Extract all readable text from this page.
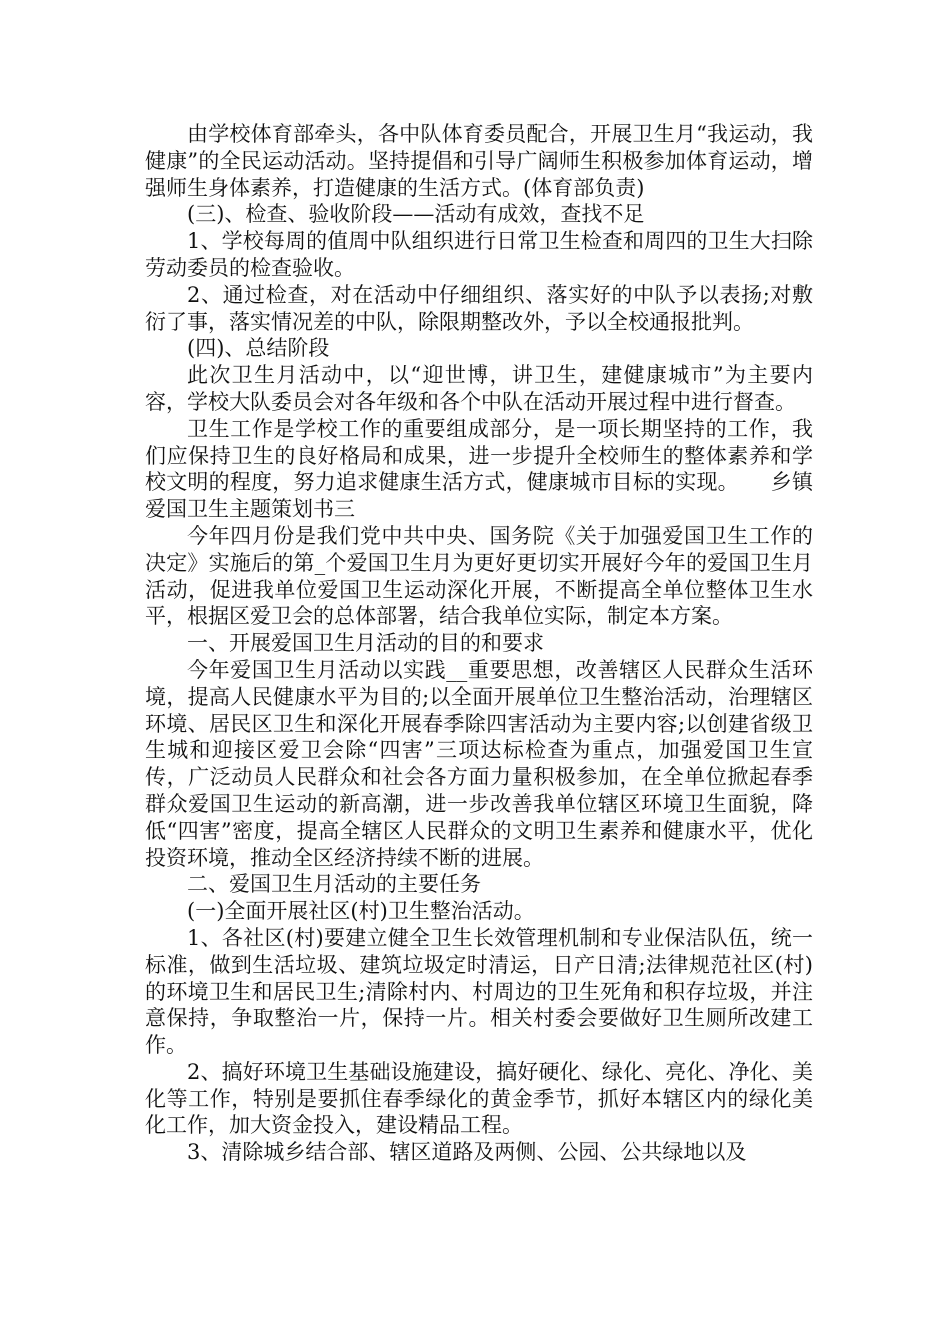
由学校体育部牵头，各中队体育委员配合，开展卫生月“我运动，我健康”的全民运动活动。坚持提倡和引导广阔师生积极参加体育运动，增强师生身体素养，打造健康的生活方式。(体育部负责)

(三)、检查、验收阶段——活动有成效，查找不足

1、学校每周的值周中队组织进行日常卫生检查和周四的卫生大扫除劳动委员的检查验收。

2、通过检查，对在活动中仔细组织、落实好的中队予以表扬;对敷衍了事，落实情况差的中队，除限期整改外，予以全校通报批判。

(四)、总结阶段

此次卫生月活动中，以“迎世博，讲卫生，建健康城市”为主要内容，学校大队委员会对各年级和各个中队在活动开展过程中进行督查。

卫生工作是学校工作的重要组成部分，是一项长期坚持的工作，我们应保持卫生的良好格局和成果，进一步提升全校师生的整体素养和学校文明的程度，努力追求健康生活方式，健康城市目标的实现。　　乡镇爱国卫生主题策划书三

今年四月份是我们党中共中央、国务院《关于加强爱国卫生工作的决定》实施后的第_个爱国卫生月为更好更切实开展好今年的爱国卫生月活动，促进我单位爱国卫生运动深化开展，不断提高全单位整体卫生水平，根据区爱卫会的总体部署，结合我单位实际，制定本方案。

一、开展爱国卫生月活动的目的和要求

今年爱国卫生月活动以实践__重要思想，改善辖区人民群众生活环境，提高人民健康水平为目的;以全面开展单位卫生整治活动，治理辖区环境、居民区卫生和深化开展春季除四害活动为主要内容;以创建省级卫生城和迎接区爱卫会除“四害”三项达标检查为重点，加强爱国卫生宣传，广泛动员人民群众和社会各方面力量积极参加，在全单位掀起春季群众爱国卫生运动的新高潮，进一步改善我单位辖区环境卫生面貌，降低“四害”密度，提高全辖区人民群众的文明卫生素养和健康水平，优化投资环境，推动全区经济持续不断的进展。

二、爱国卫生月活动的主要任务

(一)全面开展社区(村)卫生整治活动。

1、各社区(村)要建立健全卫生长效管理机制和专业保洁队伍，统一标准，做到生活垃圾、建筑垃圾定时清运，日产日清;法律规范社区(村)的环境卫生和居民卫生;清除村内、村周边的卫生死角和积存垃圾，并注意保持，争取整治一片，保持一片。相关村委会要做好卫生厕所改建工作。

2、搞好环境卫生基础设施建设，搞好硬化、绿化、亮化、净化、美化等工作，特别是要抓住春季绿化的黄金季节，抓好本辖区内的绿化美化工作，加大资金投入，建设精品工程。

3、清除城乡结合部、辖区道路及两侧、公园、公共绿地以及
